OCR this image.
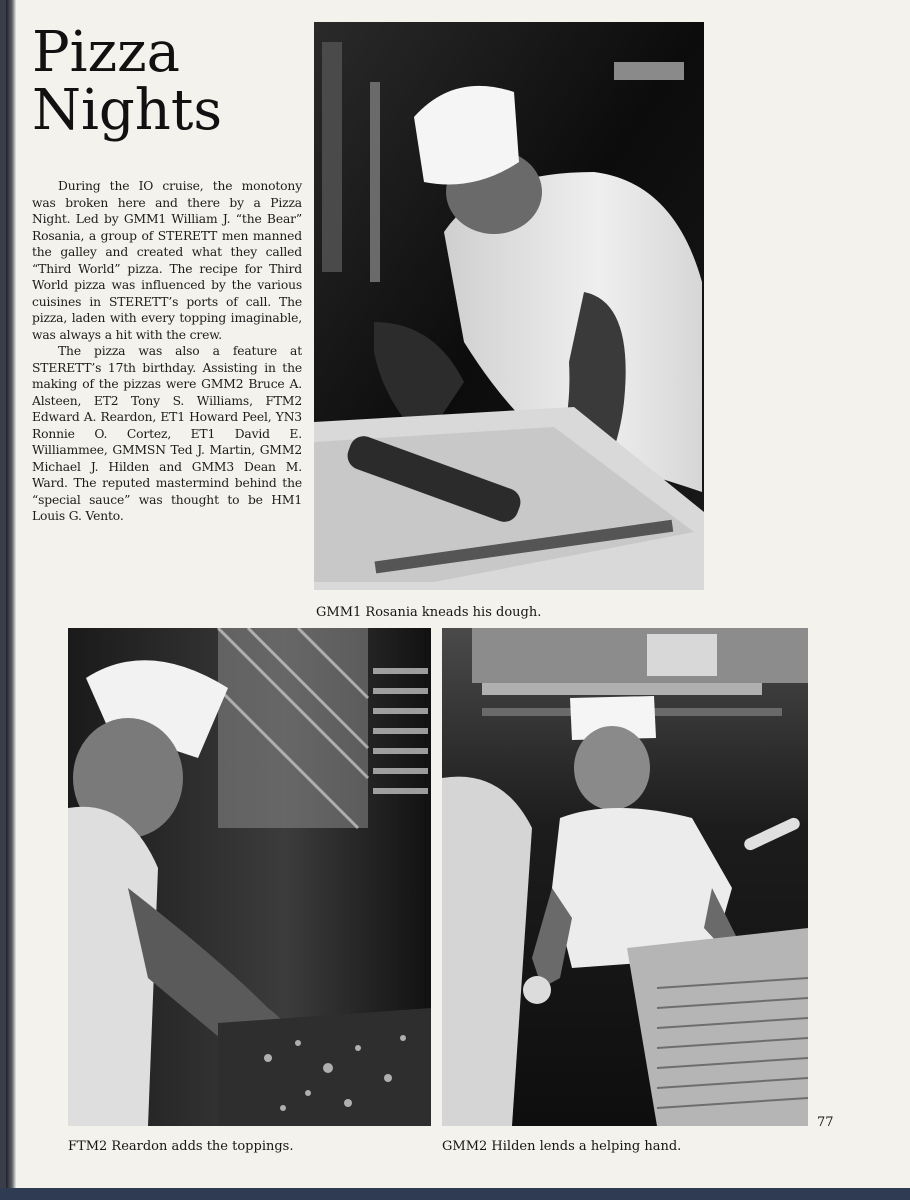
Pizza
Nights

During the IO cruise, the monotony was broken here and there by a Pizza Night. Led by GMM1 William J. “the Bear” Rosania, a group of STERETT men manned the galley and created what they called “Third World” pizza. The recipe for Third World pizza was influenced by the various cuisines in STERETT’s ports of call. The pizza, laden with every topping imaginable, was always a hit with the crew.

The pizza was also a feature at STERETT’s 17th birthday. Assisting in the making of the pizzas were GMM2 Bruce A. Alsteen, ET2 Tony S. Williams, FTM2 Edward A. Reardon, ET1 Howard Peel, YN3 Ronnie O. Cortez, ET1 David E. Williammee, GMMSN Ted J. Martin, GMM2 Michael J. Hilden and GMM3 Dean M. Ward. The reputed mastermind behind the “special sauce” was thought to be HM1 Louis G. Vento.

GMM1 Rosania kneads his dough.
FTM2 Reardon adds the toppings.	GMM2 Hilden lends a helping hand.
77
